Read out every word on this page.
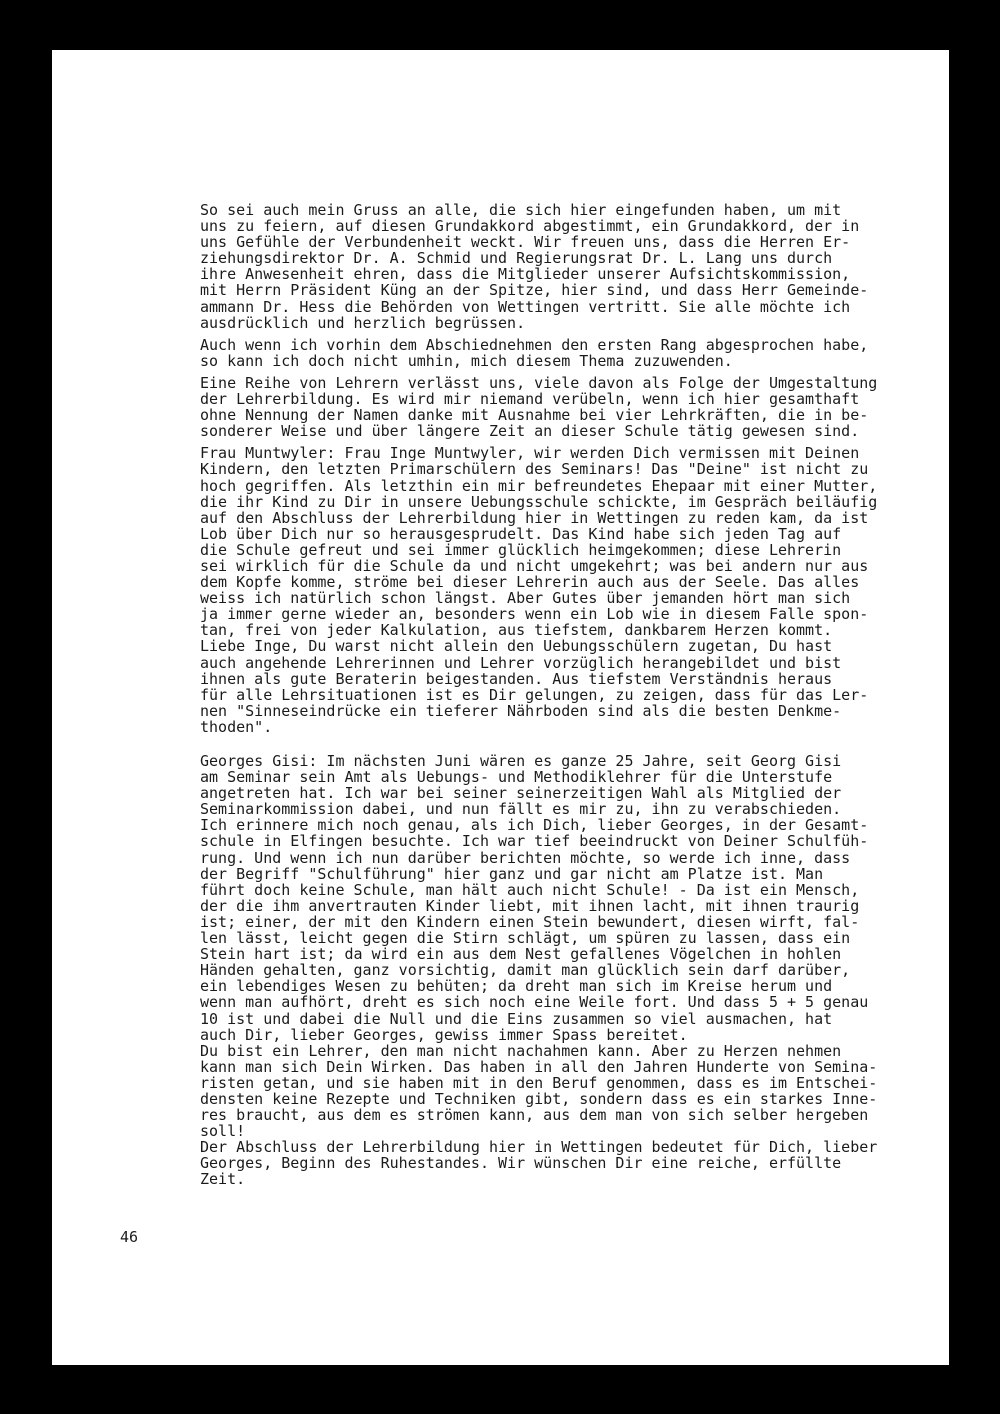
So sei auch mein Gruss an alle, die sich hier eingefunden haben, um mit
uns zu feiern, auf diesen Grundakkord abgestimmt, ein Grundakkord, der in
uns Gefühle der Verbundenheit weckt. Wir freuen uns, dass die Herren Er-
ziehungsdirektor Dr. A. Schmid und Regierungsrat Dr. L. Lang uns durch
ihre Anwesenheit ehren, dass die Mitglieder unserer Aufsichtskommission,
mit Herrn Präsident Küng an der Spitze, hier sind, und dass Herr Gemeinde-
ammann Dr. Hess die Behörden von Wettingen vertritt. Sie alle möchte ich
ausdrücklich und herzlich begrüssen.

Auch wenn ich vorhin dem Abschiednehmen den ersten Rang abgesprochen habe,
so kann ich doch nicht umhin, mich diesem Thema zuzuwenden.

Eine Reihe von Lehrern verlässt uns, viele davon als Folge der Umgestaltung
der Lehrerbildung. Es wird mir niemand verübeln, wenn ich hier gesamthaft
ohne Nennung der Namen danke mit Ausnahme bei vier Lehrkräften, die in be-
sonderer Weise und über längere Zeit an dieser Schule tätig gewesen sind.

Frau Muntwyler: Frau Inge Muntwyler, wir werden Dich vermissen mit Deinen
Kindern, den letzten Primarschülern des Seminars! Das "Deine" ist nicht zu
hoch gegriffen. Als letzthin ein mir befreundetes Ehepaar mit einer Mutter,
die ihr Kind zu Dir in unsere Uebungsschule schickte, im Gespräch beiläufig
auf den Abschluss der Lehrerbildung hier in Wettingen zu reden kam, da ist
Lob über Dich nur so herausgesprudelt. Das Kind habe sich jeden Tag auf
die Schule gefreut und sei immer glücklich heimgekommen; diese Lehrerin
sei wirklich für die Schule da und nicht umgekehrt; was bei andern nur aus
dem Kopfe komme, ströme bei dieser Lehrerin auch aus der Seele. Das alles
weiss ich natürlich schon längst. Aber Gutes über jemanden hört man sich
ja immer gerne wieder an, besonders wenn ein Lob wie in diesem Falle spon-
tan, frei von jeder Kalkulation, aus tiefstem, dankbarem Herzen kommt.
Liebe Inge, Du warst nicht allein den Uebungsschülern zugetan, Du hast
auch angehende Lehrerinnen und Lehrer vorzüglich herangebildet und bist
ihnen als gute Beraterin beigestanden. Aus tiefstem Verständnis heraus
für alle Lehrsituationen ist es Dir gelungen, zu zeigen, dass für das Ler-
nen "Sinneseindrücke ein tieferer Nährboden sind als die besten Denkme-
thoden".

Georges Gisi: Im nächsten Juni wären es ganze 25 Jahre, seit Georg Gisi
am Seminar sein Amt als Uebungs- und Methodiklehrer für die Unterstufe
angetreten hat. Ich war bei seiner seinerzeitigen Wahl als Mitglied der
Seminarkommission dabei, und nun fällt es mir zu, ihn zu verabschieden.
Ich erinnere mich noch genau, als ich Dich, lieber Georges, in der Gesamt-
schule in Elfingen besuchte. Ich war tief beeindruckt von Deiner Schulfüh-
rung. Und wenn ich nun darüber berichten möchte, so werde ich inne, dass
der Begriff "Schulführung" hier ganz und gar nicht am Platze ist. Man
führt doch keine Schule, man hält auch nicht Schule! - Da ist ein Mensch,
der die ihm anvertrauten Kinder liebt, mit ihnen lacht, mit ihnen traurig
ist; einer, der mit den Kindern einen Stein bewundert, diesen wirft, fal-
len lässt, leicht gegen die Stirn schlägt, um spüren zu lassen, dass ein
Stein hart ist; da wird ein aus dem Nest gefallenes Vögelchen in hohlen
Händen gehalten, ganz vorsichtig, damit man glücklich sein darf darüber,
ein lebendiges Wesen zu behüten; da dreht man sich im Kreise herum und
wenn man aufhört, dreht es sich noch eine Weile fort. Und dass 5 + 5 genau
10 ist und dabei die Null und die Eins zusammen so viel ausmachen, hat
auch Dir, lieber Georges, gewiss immer Spass bereitet.
Du bist ein Lehrer, den man nicht nachahmen kann. Aber zu Herzen nehmen
kann man sich Dein Wirken. Das haben in all den Jahren Hunderte von Semina-
risten getan, und sie haben mit in den Beruf genommen, dass es im Entschei-
densten keine Rezepte und Techniken gibt, sondern dass es ein starkes Inne-
res braucht, aus dem es strömen kann, aus dem man von sich selber hergeben
soll!
Der Abschluss der Lehrerbildung hier in Wettingen bedeutet für Dich, lieber
Georges, Beginn des Ruhestandes. Wir wünschen Dir eine reiche, erfüllte
Zeit.

46
